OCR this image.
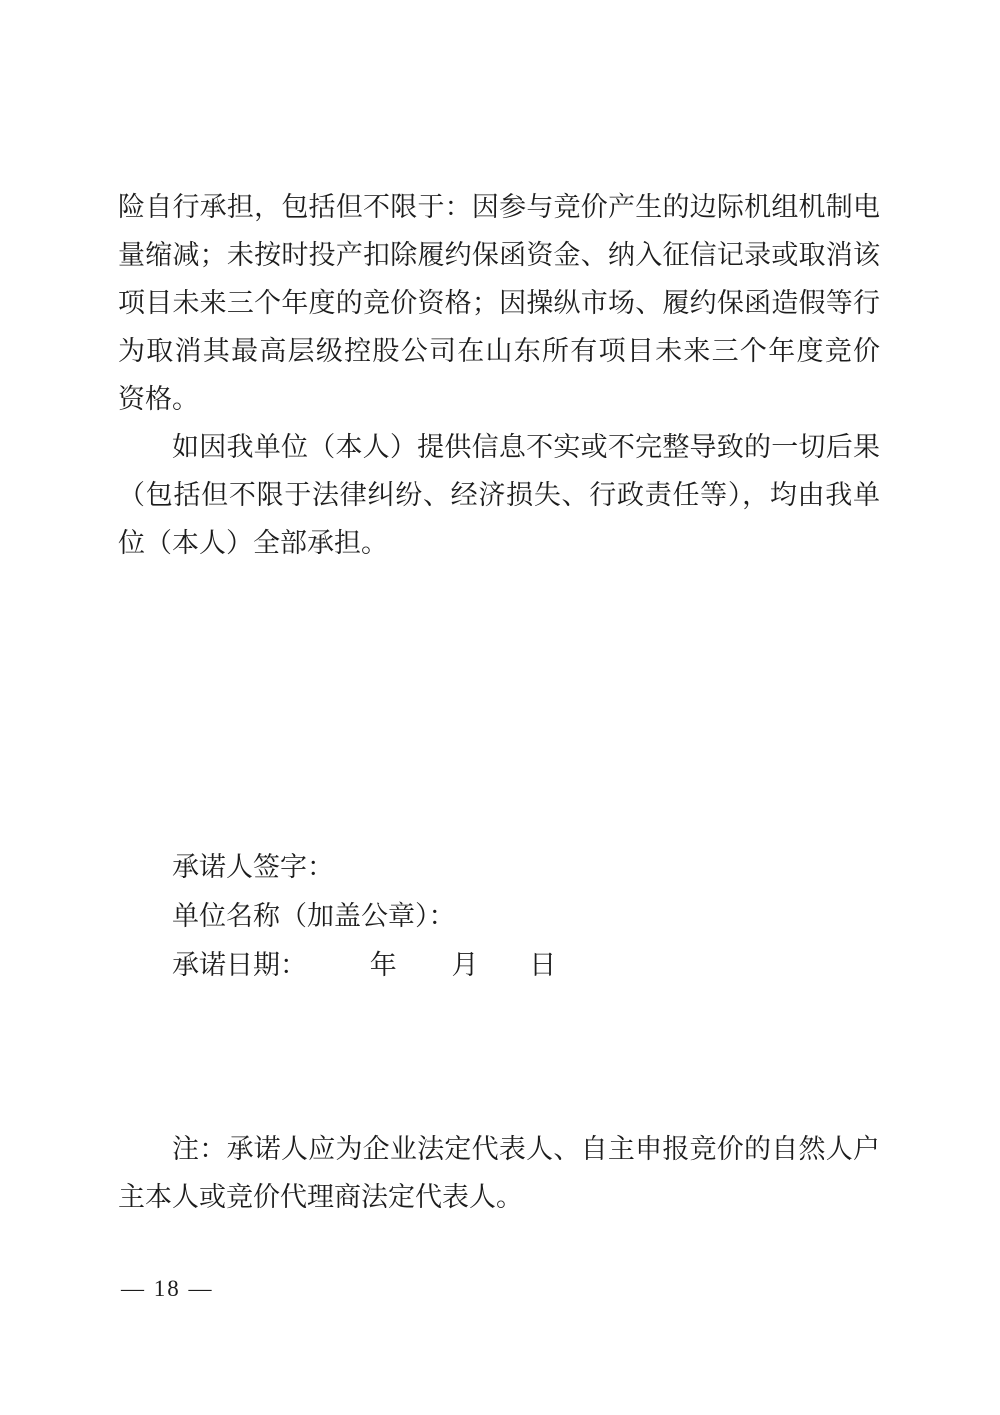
险自行承担，包括但不限于：因参与竞价产生的边际机组机制电
量缩减；未按时投产扣除履约保函资金、纳入征信记录或取消该
项目未来三个年度的竞价资格；因操纵市场、履约保函造假等行
为取消其最高层级控股公司在山东所有项目未来三个年度竞价
资格。
如因我单位（本人）提供信息不实或不完整导致的一切后果
（包括但不限于法律纠纷、经济损失、行政责任等），均由我单
位（本人）全部承担。
承诺人签字：
单位名称（加盖公章）：
承诺日期： 年 月 日
注：承诺人应为企业法定代表人、自主申报竞价的自然人户
主本人或竞价代理商法定代表人。
— 18 —
